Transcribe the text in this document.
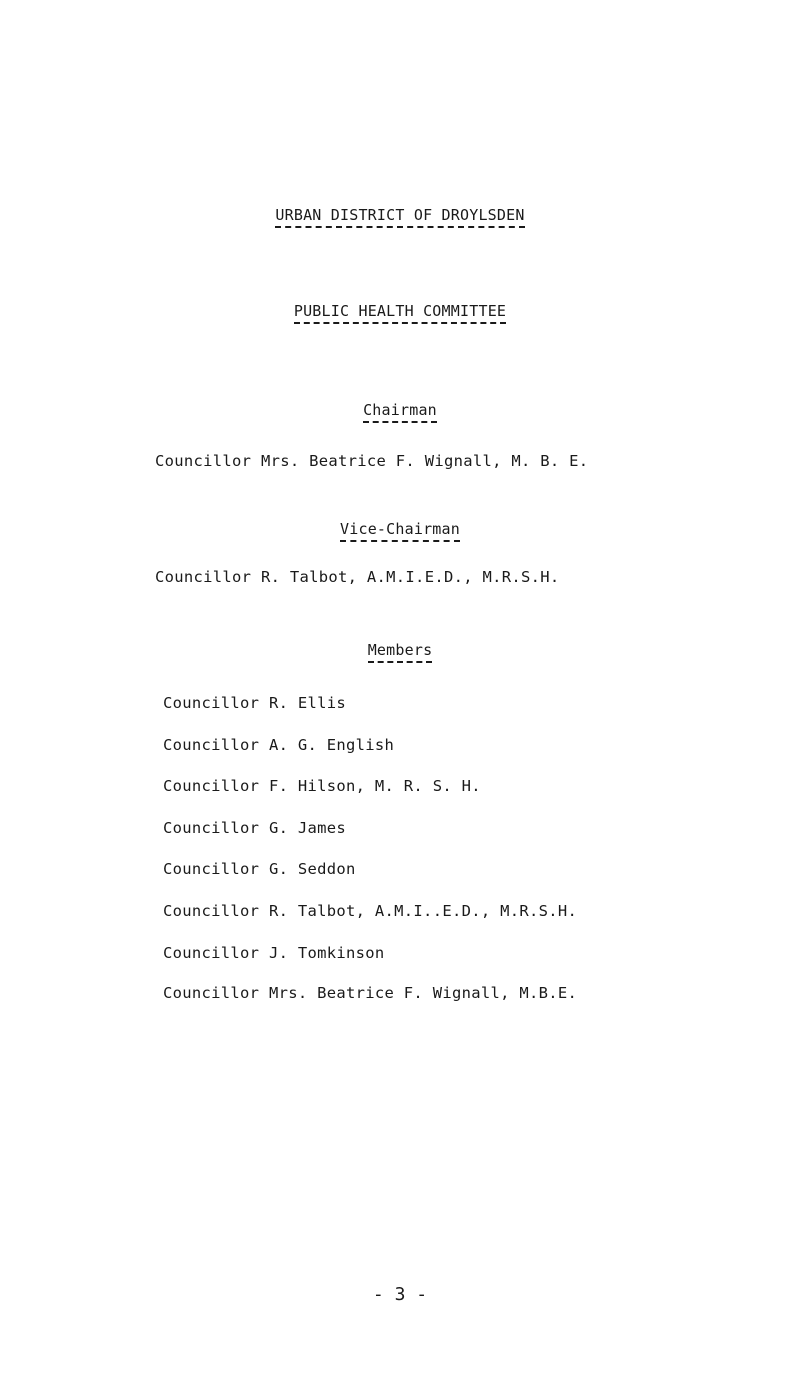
URBAN DISTRICT OF DROYLSDEN
PUBLIC HEALTH COMMITTEE
Chairman
Councillor Mrs. Beatrice F. Wignall, M. B. E.
Vice-Chairman
Councillor R. Talbot, A.M.I.E.D., M.R.S.H.
Members
Councillor R. Ellis
Councillor A. G. English
Councillor F. Hilson, M. R. S. H.
Councillor G. James
Councillor G. Seddon
Councillor R. Talbot, A.M.I..E.D., M.R.S.H.
Councillor J. Tomkinson
Councillor Mrs. Beatrice F. Wignall, M.B.E.
- 3 -
